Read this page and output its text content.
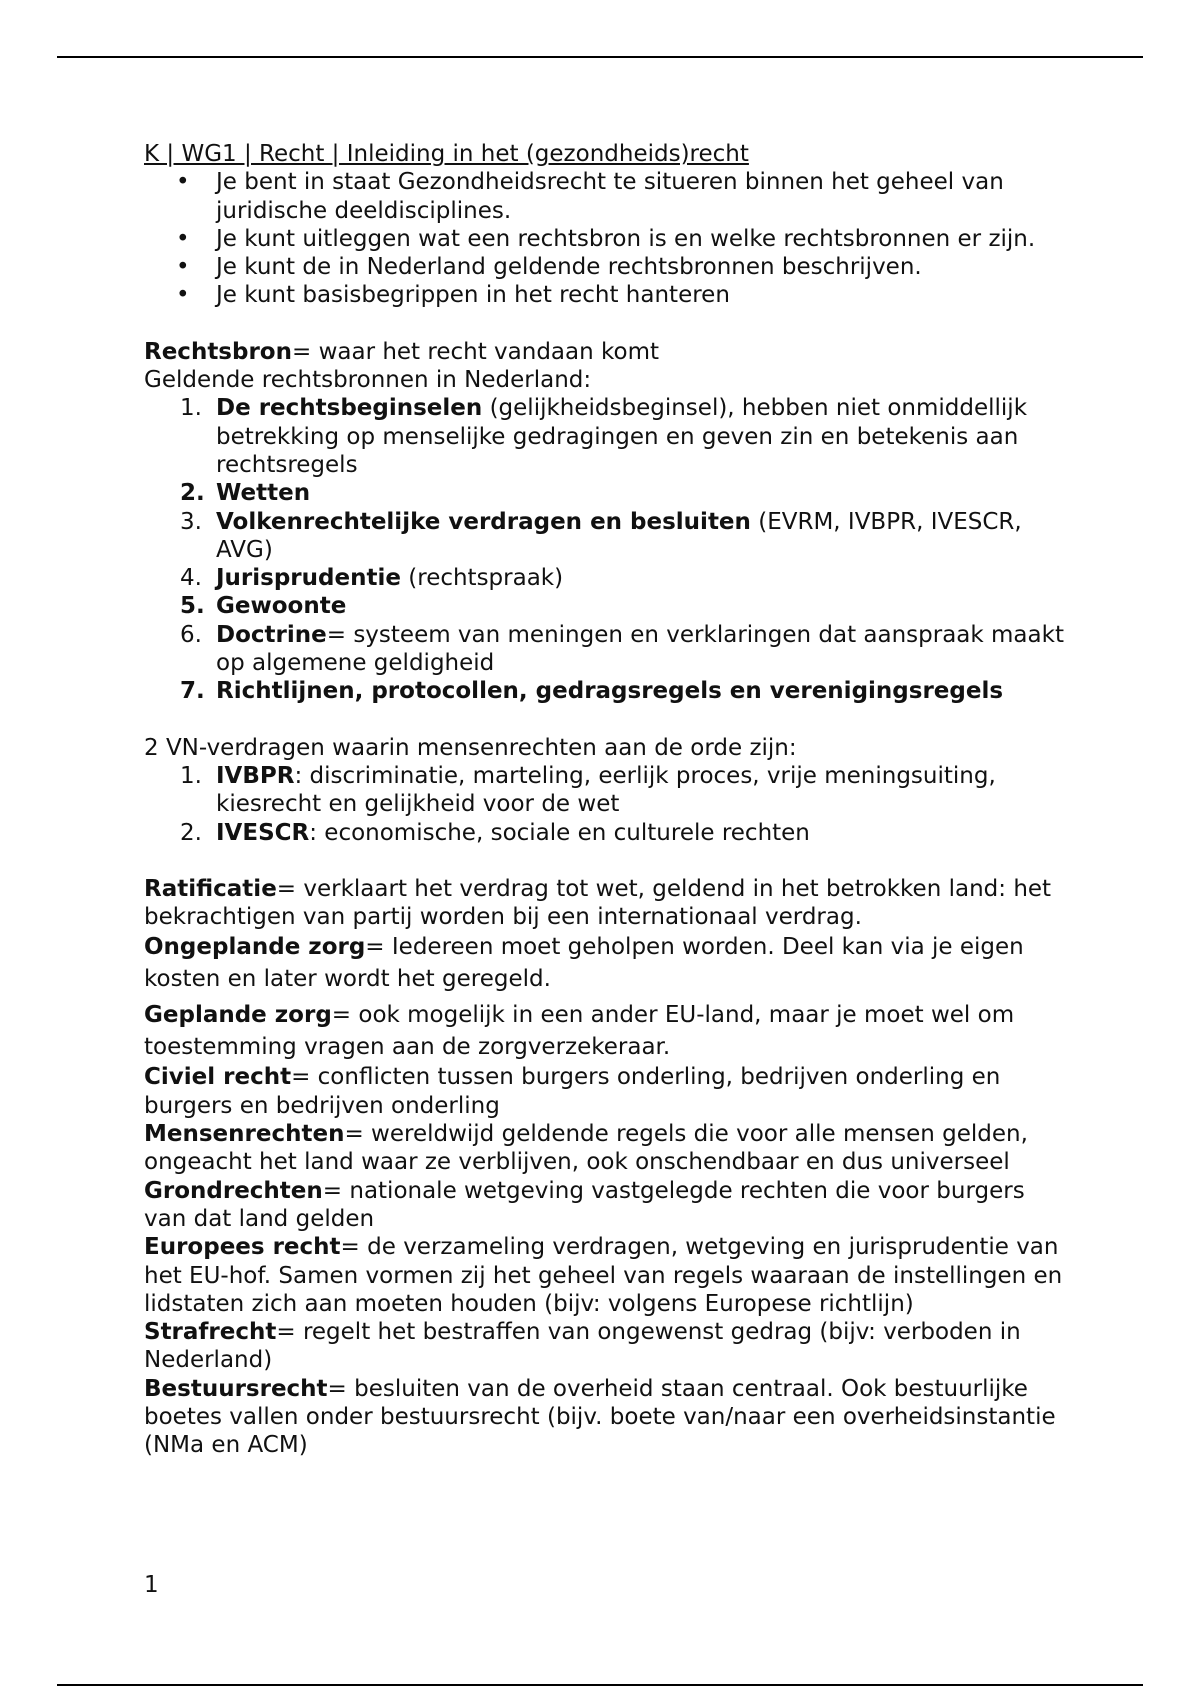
K | WG1 | Recht | Inleiding in het (gezondheids)recht
• Je bent in staat Gezondheidsrecht te situeren binnen het geheel van juridische deeldisciplines.
• Je kunt uitleggen wat een rechtsbron is en welke rechtsbronnen er zijn.
• Je kunt de in Nederland geldende rechtsbronnen beschrijven.
• Je kunt basisbegrippen in het recht hanteren

Rechtsbron= waar het recht vandaan komt

Geldende rechtsbronnen in Nederland:

1. De rechtsbeginselen (gelijkheidsbeginsel), hebben niet onmiddellijk betrekking op menselijke gedragingen en geven zin en betekenis aan rechtsregels
2. Wetten
3. Volkenrechtelijke verdragen en besluiten (EVRM, IVBPR, IVESCR, AVG)
4. Jurisprudentie (rechtspraak)
5. Gewoonte
6. Doctrine= systeem van meningen en verklaringen dat aanspraak maakt op algemene geldigheid
7. Richtlijnen, protocollen, gedragsregels en verenigingsregels

2 VN-verdragen waarin mensenrechten aan de orde zijn:

1. IVBPR: discriminatie, marteling, eerlijk proces, vrije meningsuiting, kiesrecht en gelijkheid voor de wet
2. IVESCR: economische, sociale en culturele rechten

Ratificatie= verklaart het verdrag tot wet, geldend in het betrokken land: het bekrachtigen van partij worden bij een internationaal verdrag.

Ongeplande zorg= Iedereen moet geholpen worden. Deel kan via je eigen kosten en later wordt het geregeld.

Geplande zorg= ook mogelijk in een ander EU-land, maar je moet wel om toestemming vragen aan de zorgverzekeraar.

Civiel recht= conflicten tussen burgers onderling, bedrijven onderling en burgers en bedrijven onderling

Mensenrechten= wereldwijd geldende regels die voor alle mensen gelden, ongeacht het land waar ze verblijven, ook onschendbaar en dus universeel

Grondrechten= nationale wetgeving vastgelegde rechten die voor burgers van dat land gelden

Europees recht= de verzameling verdragen, wetgeving en jurisprudentie van het EU-hof. Samen vormen zij het geheel van regels waaraan de instellingen en lidstaten zich aan moeten houden (bijv: volgens Europese richtlijn)

Strafrecht= regelt het bestraffen van ongewenst gedrag (bijv: verboden in Nederland)

Bestuursrecht= besluiten van de overheid staan centraal. Ook bestuurlijke boetes vallen onder bestuursrecht (bijv. boete van/naar een overheidsinstantie (NMa en ACM)

1
